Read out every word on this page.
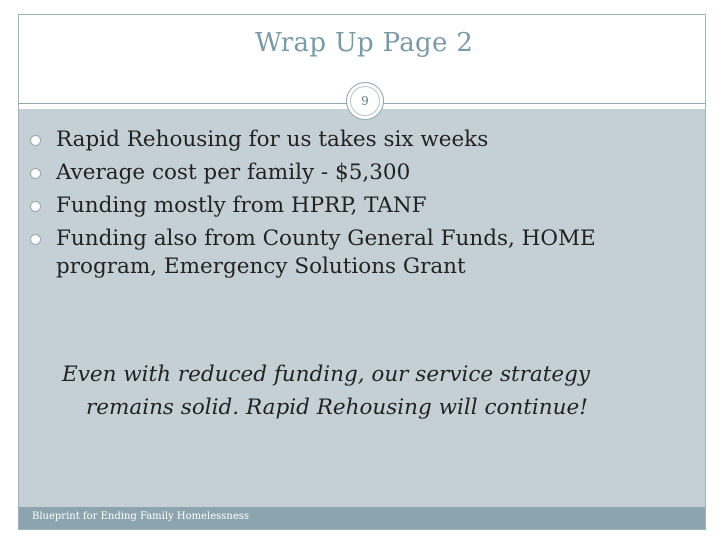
Wrap Up Page 2
9
Rapid Rehousing for us takes six weeks
Average cost per family - $5,300
Funding mostly from HPRP, TANF
Funding also from County General Funds, HOME program, Emergency Solutions Grant
Even with reduced funding, our service strategy
remains solid. Rapid Rehousing will continue!
Blueprint for Ending Family Homelessness
